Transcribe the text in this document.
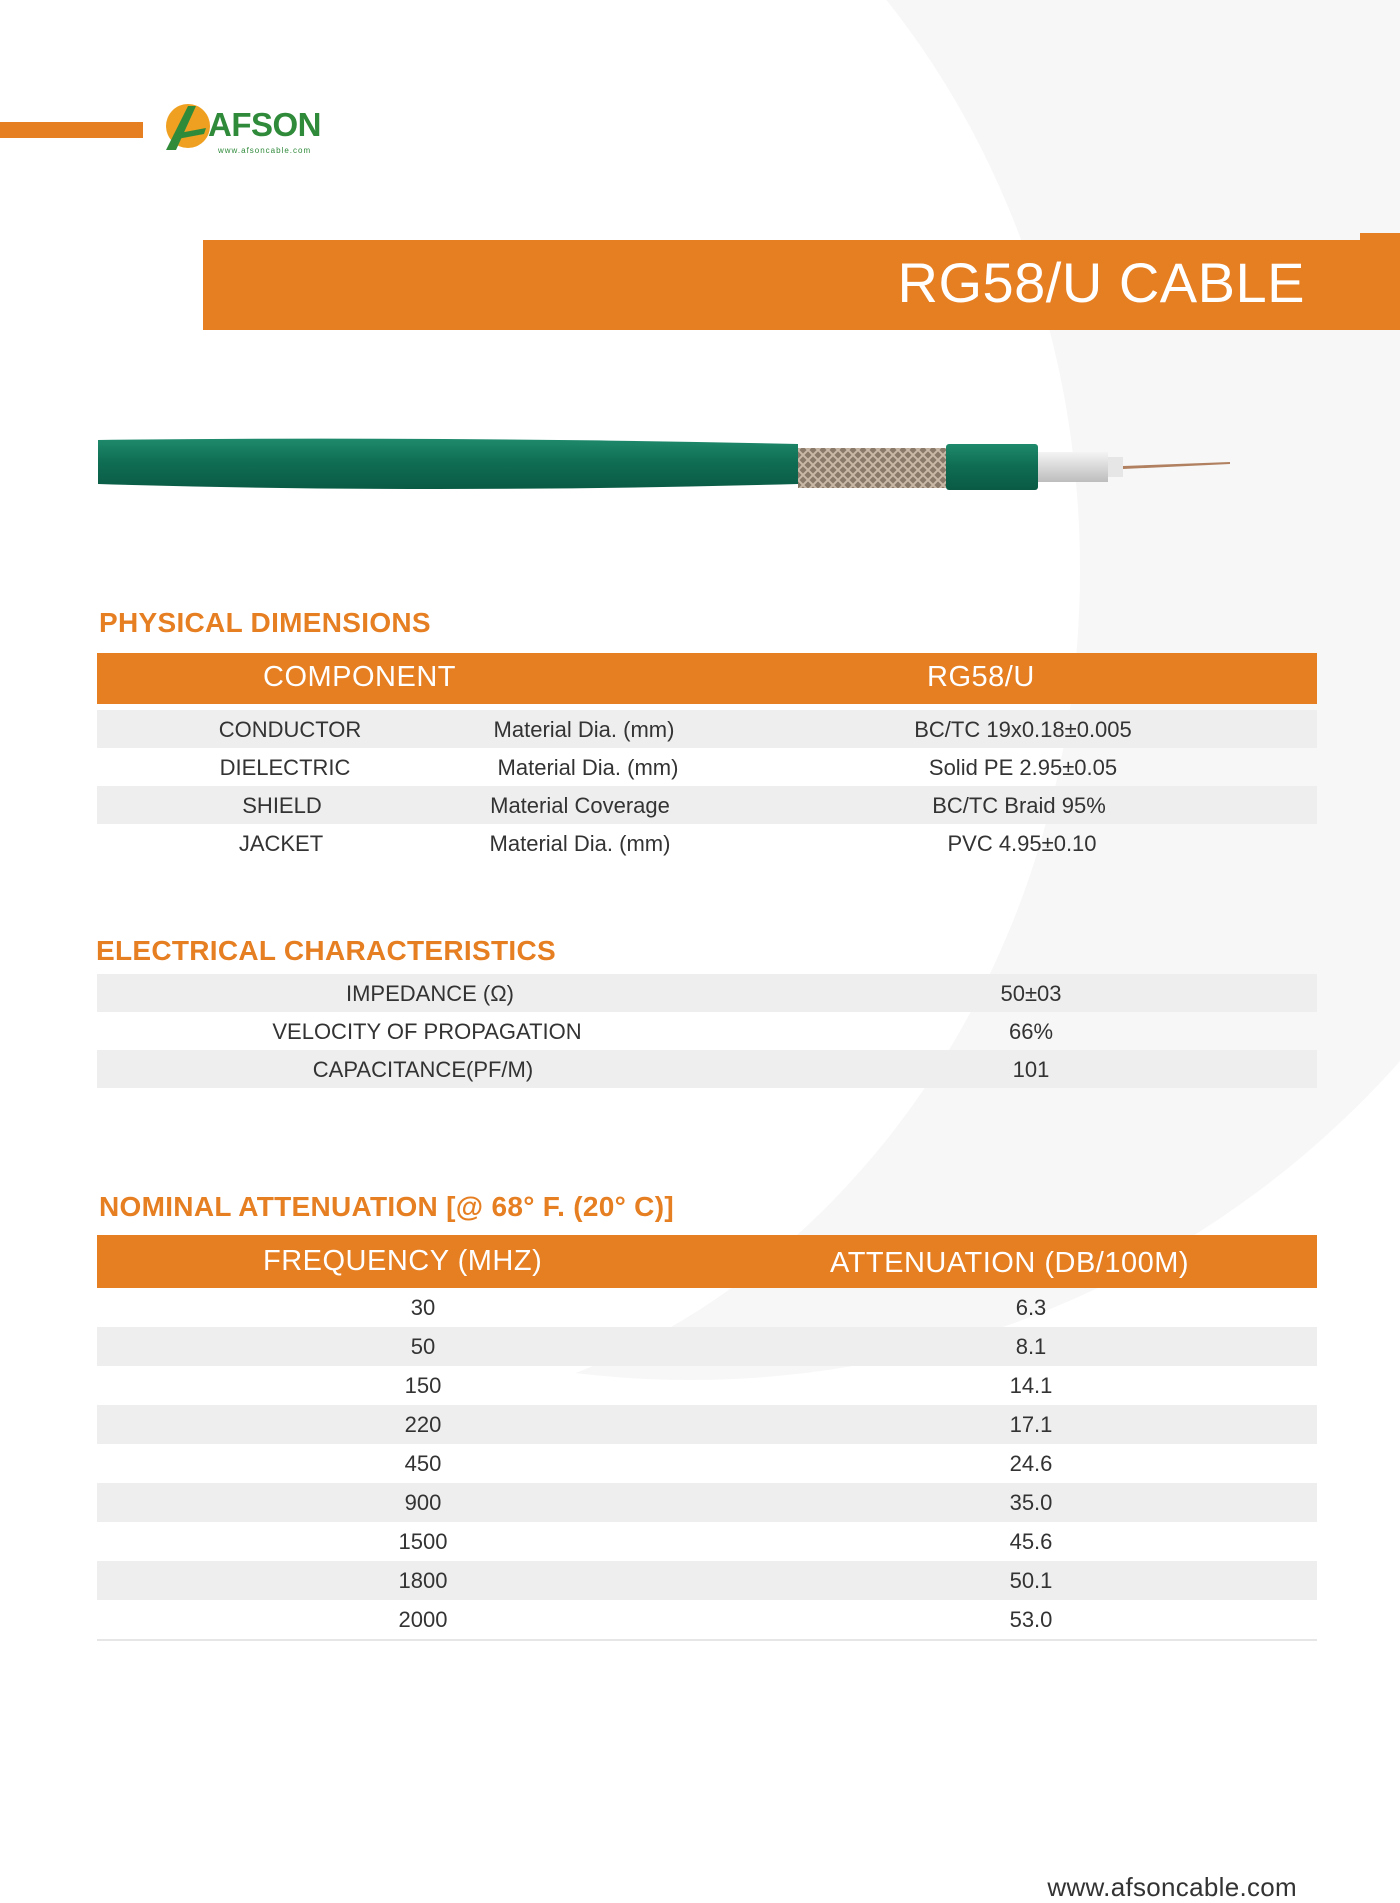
AFSON
www.afsoncable.com
RG58/U CABLE
PHYSICAL DIMENSIONS
COMPONENT	RG58/U
CONDUCTOR	Material Dia. (mm)	BC/TC 19x0.18±0.005
DIELECTRIC	Material Dia. (mm)	Solid PE 2.95±0.05
SHIELD	Material Coverage	BC/TC Braid 95%
JACKET	Material Dia. (mm)	PVC 4.95±0.10
ELECTRICAL CHARACTERISTICS
IMPEDANCE (Ω)	50±03
VELOCITY OF PROPAGATION	66%
CAPACITANCE(PF/M)	101
NOMINAL ATTENUATION [@ 68° F. (20° C)]
FREQUENCY (MHZ)	ATTENUATION (DB/100M)
30	6.3
50	8.1
150	14.1
220	17.1
450	24.6
900	35.0
1500	45.6
1800	50.1
2000	53.0
www.afsoncable.com
